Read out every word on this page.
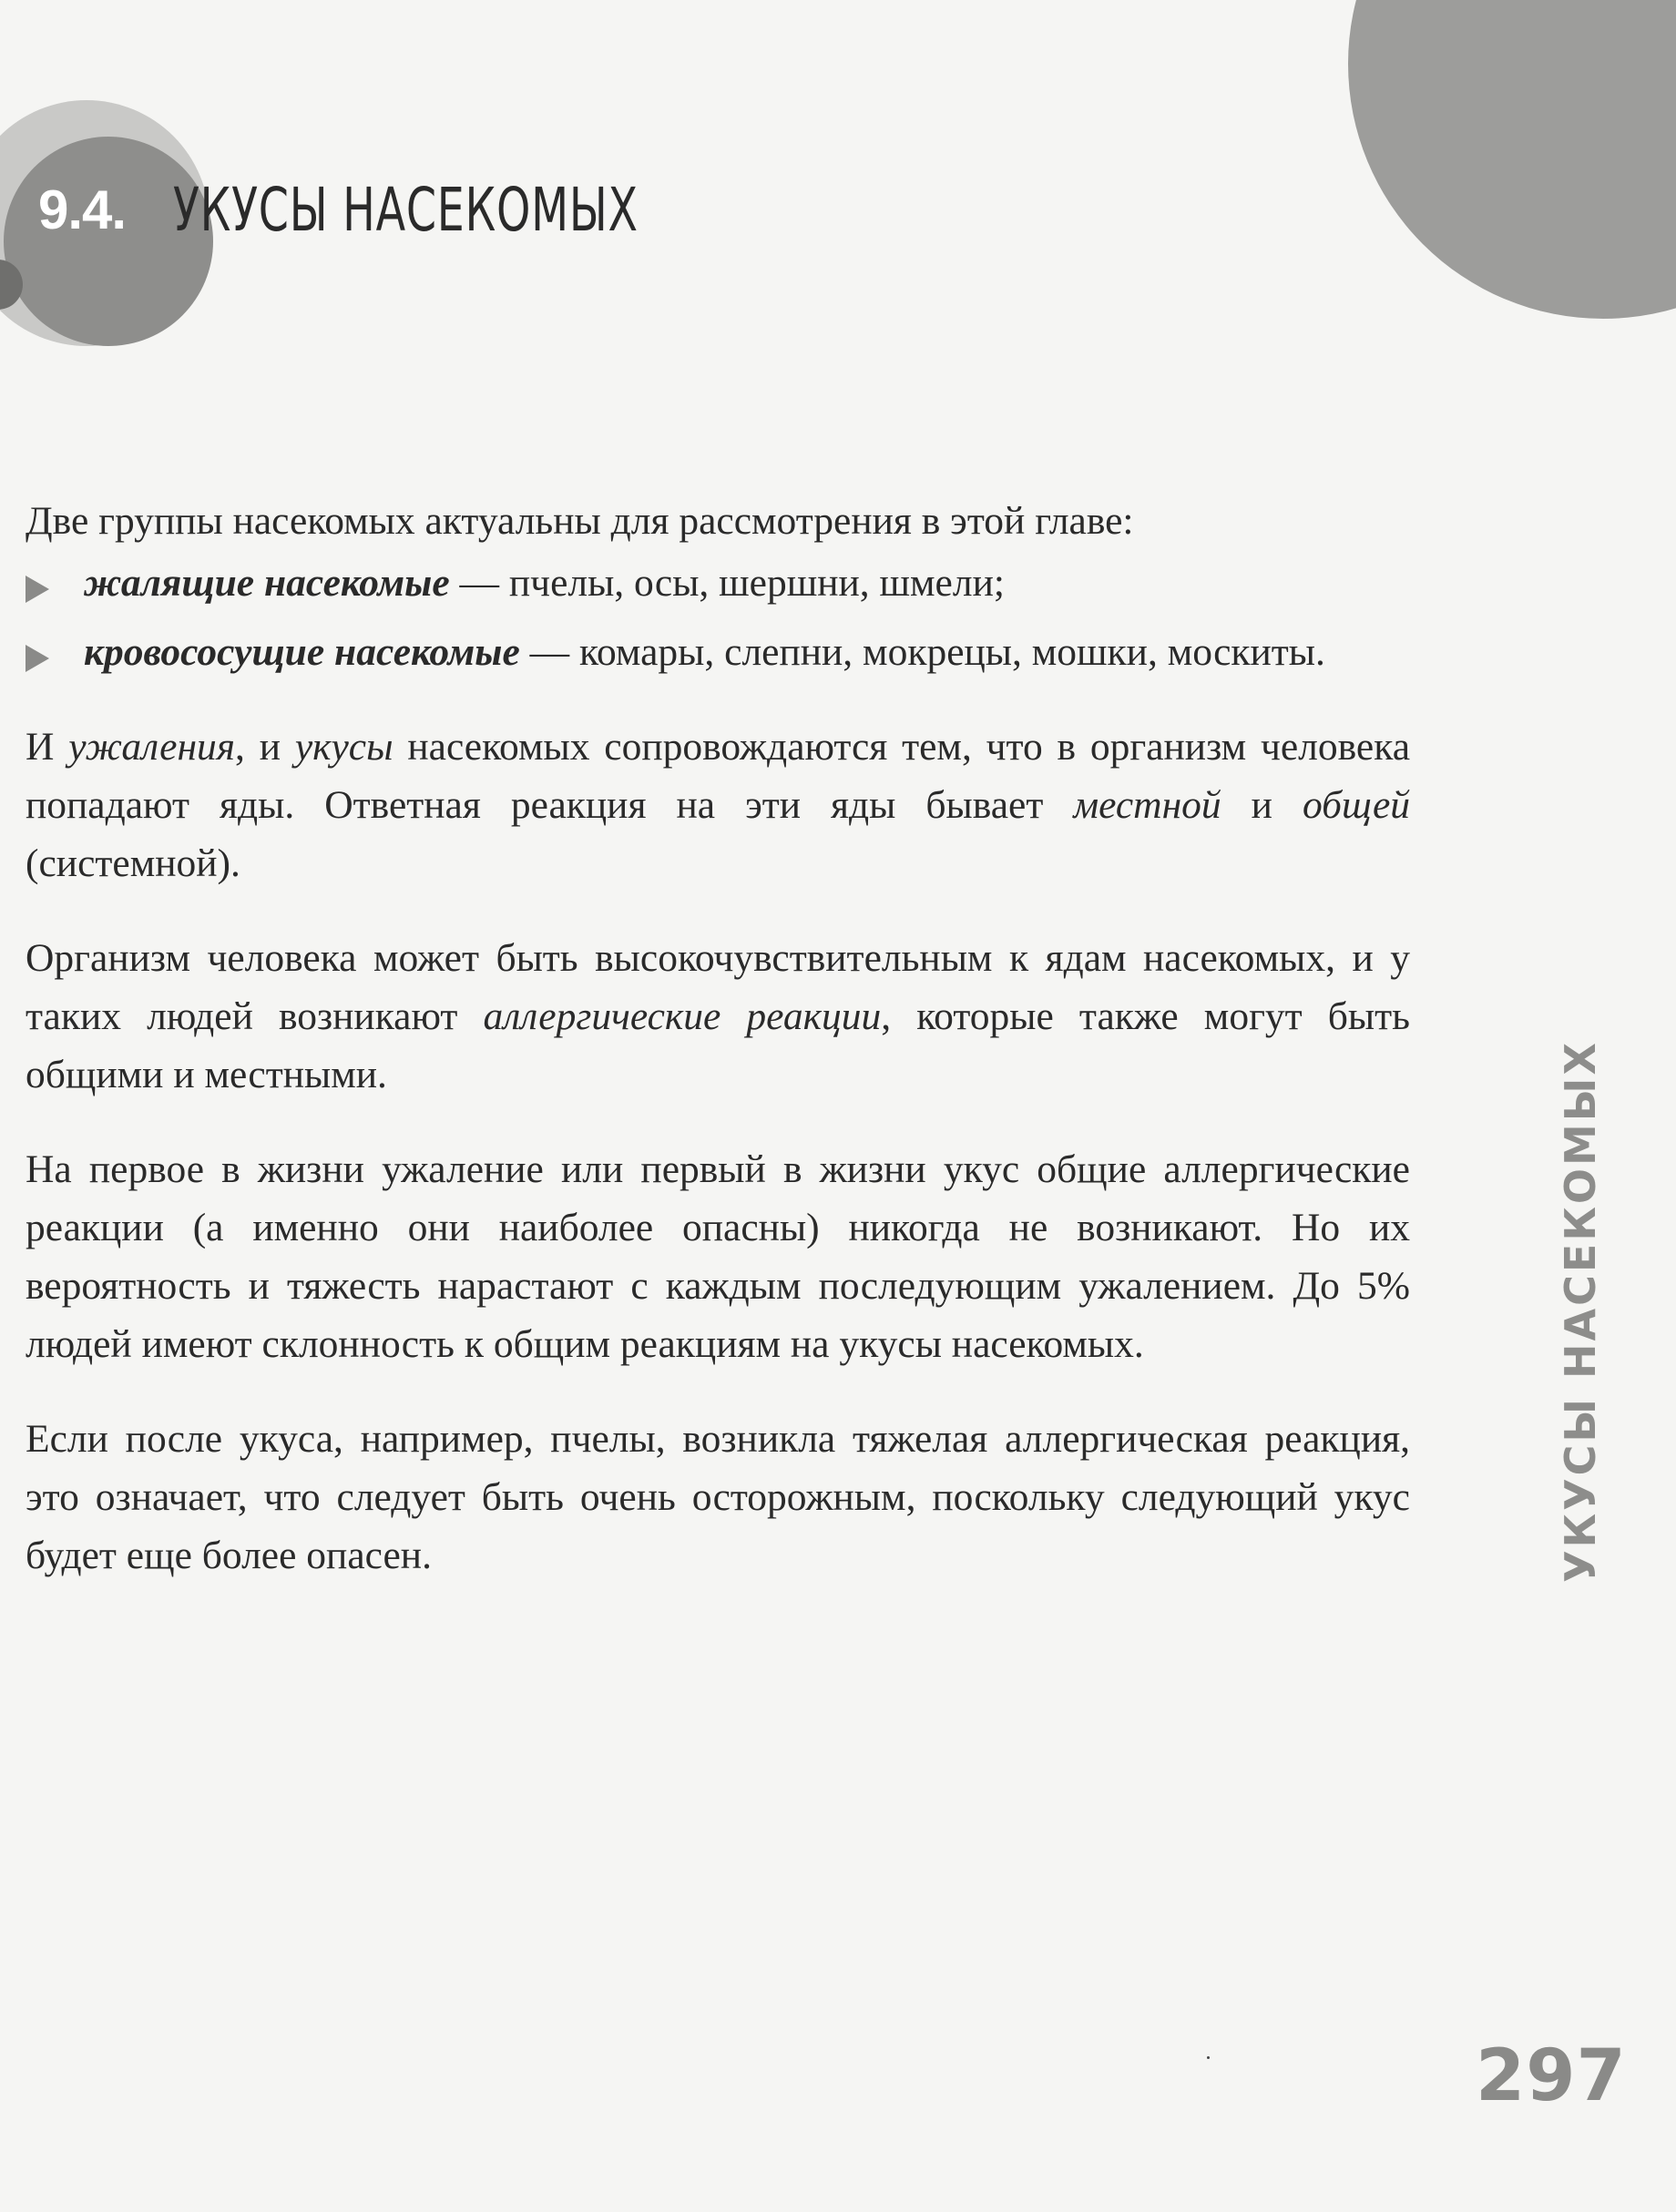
9.4. УКУСЫ НАСЕКОМЫХ

Две группы насекомых актуальны для рассмотрения в этой главе:

жалящие насекомые — пчелы, осы, шершни, шмели;
кровососущие насекомые — комары, слепни, мокрецы, мошки, москиты.

И ужаления, и укусы насекомых сопровождаются тем, что в организм человека попадают яды. Ответная реакция на эти яды бывает местной и общей (системной).

Организм человека может быть высокочувствительным к ядам насекомых, и у таких людей возникают аллергические реакции, которые также могут быть общими и местными.

На первое в жизни ужаление или первый в жизни укус общие аллергические реакции (а именно они наиболее опасны) никогда не возникают. Но их вероятность и тяжесть нарастают с каждым последующим ужалением. До 5% людей имеют склонность к общим реакциям на укусы насекомых.

Если после укуса, например, пчелы, возникла тяжелая аллергическая реакция, это означает, что следует быть очень осторожным, поскольку следующий укус будет еще более опасен.	УКУСЫ НАСЕКОМЫХ
297
